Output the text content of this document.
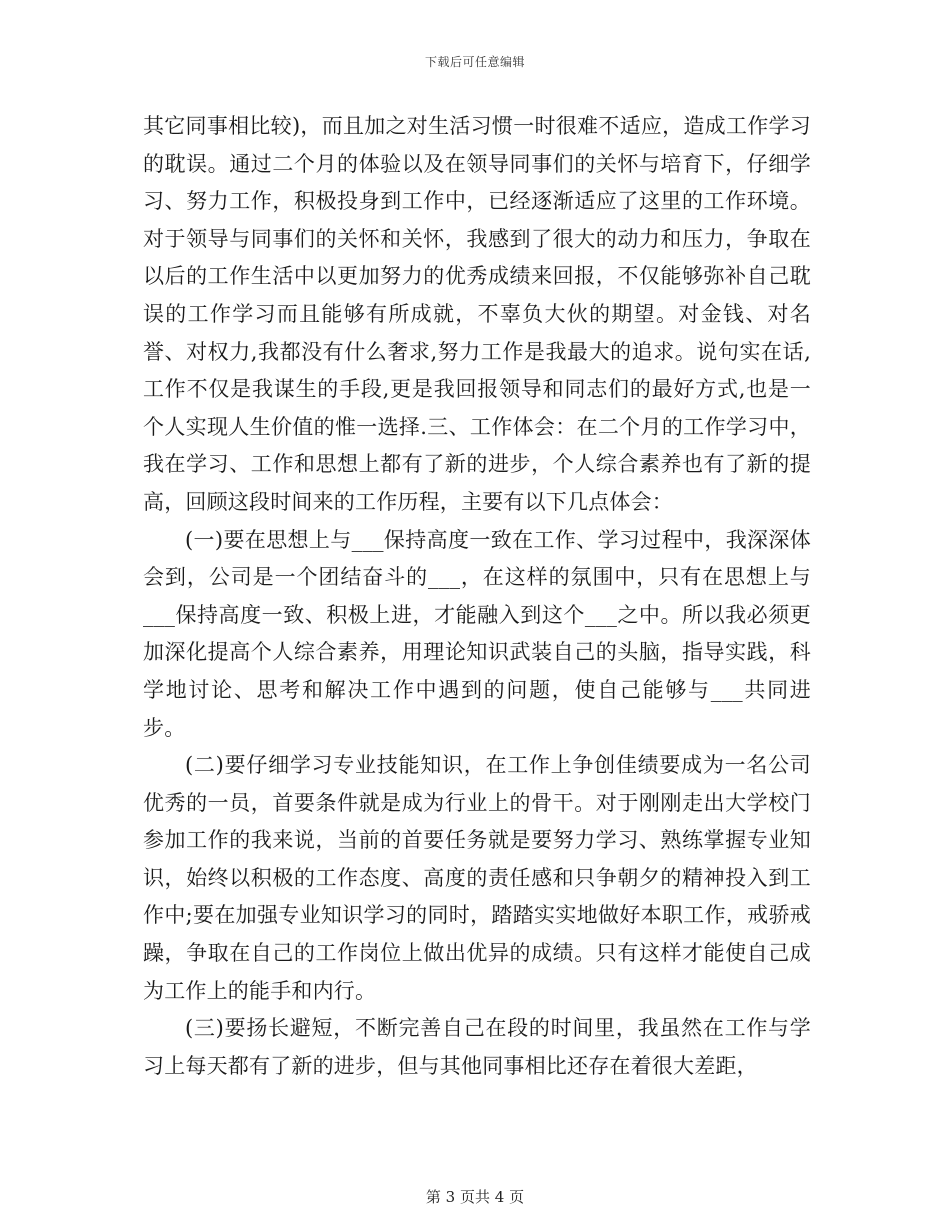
下载后可任意编辑

其它同事相比较)，而且加之对生活习惯一时很难不适应，造成工作学习的耽误。通过二个月的体验以及在领导同事们的关怀与培育下，仔细学习、努力工作，积极投身到工作中，已经逐渐适应了这里的工作环境。对于领导与同事们的关怀和关怀，我感到了很大的动力和压力，争取在以后的工作生活中以更加努力的优秀成绩来回报，不仅能够弥补自己耽误的工作学习而且能够有所成就，不辜负大伙的期望。对金钱、对名誉、对权力,我都没有什么奢求,努力工作是我最大的追求。说句实在话,工作不仅是我谋生的手段,更是我回报领导和同志们的最好方式,也是一个人实现人生价值的惟一选择.三、工作体会：在二个月的工作学习中，我在学习、工作和思想上都有了新的进步，个人综合素养也有了新的提高，回顾这段时间来的工作历程，主要有以下几点体会：

(一)要在思想上与___保持高度一致在工作、学习过程中，我深深体会到，公司是一个团结奋斗的___，在这样的氛围中，只有在思想上与___保持高度一致、积极上进，才能融入到这个___之中。所以我必须更加深化提高个人综合素养，用理论知识武装自己的头脑，指导实践，科学地讨论、思考和解决工作中遇到的问题，使自己能够与___共同进步。

(二)要仔细学习专业技能知识，在工作上争创佳绩要成为一名公司优秀的一员，首要条件就是成为行业上的骨干。对于刚刚走出大学校门参加工作的我来说，当前的首要任务就是要努力学习、熟练掌握专业知识，始终以积极的工作态度、高度的责任感和只争朝夕的精神投入到工作中;要在加强专业知识学习的同时，踏踏实实地做好本职工作，戒骄戒躁，争取在自己的工作岗位上做出优异的成绩。只有这样才能使自己成为工作上的能手和内行。

(三)要扬长避短，不断完善自己在段的时间里，我虽然在工作与学习上每天都有了新的进步，但与其他同事相比还存在着很大差距，

第 3 页共 4 页
